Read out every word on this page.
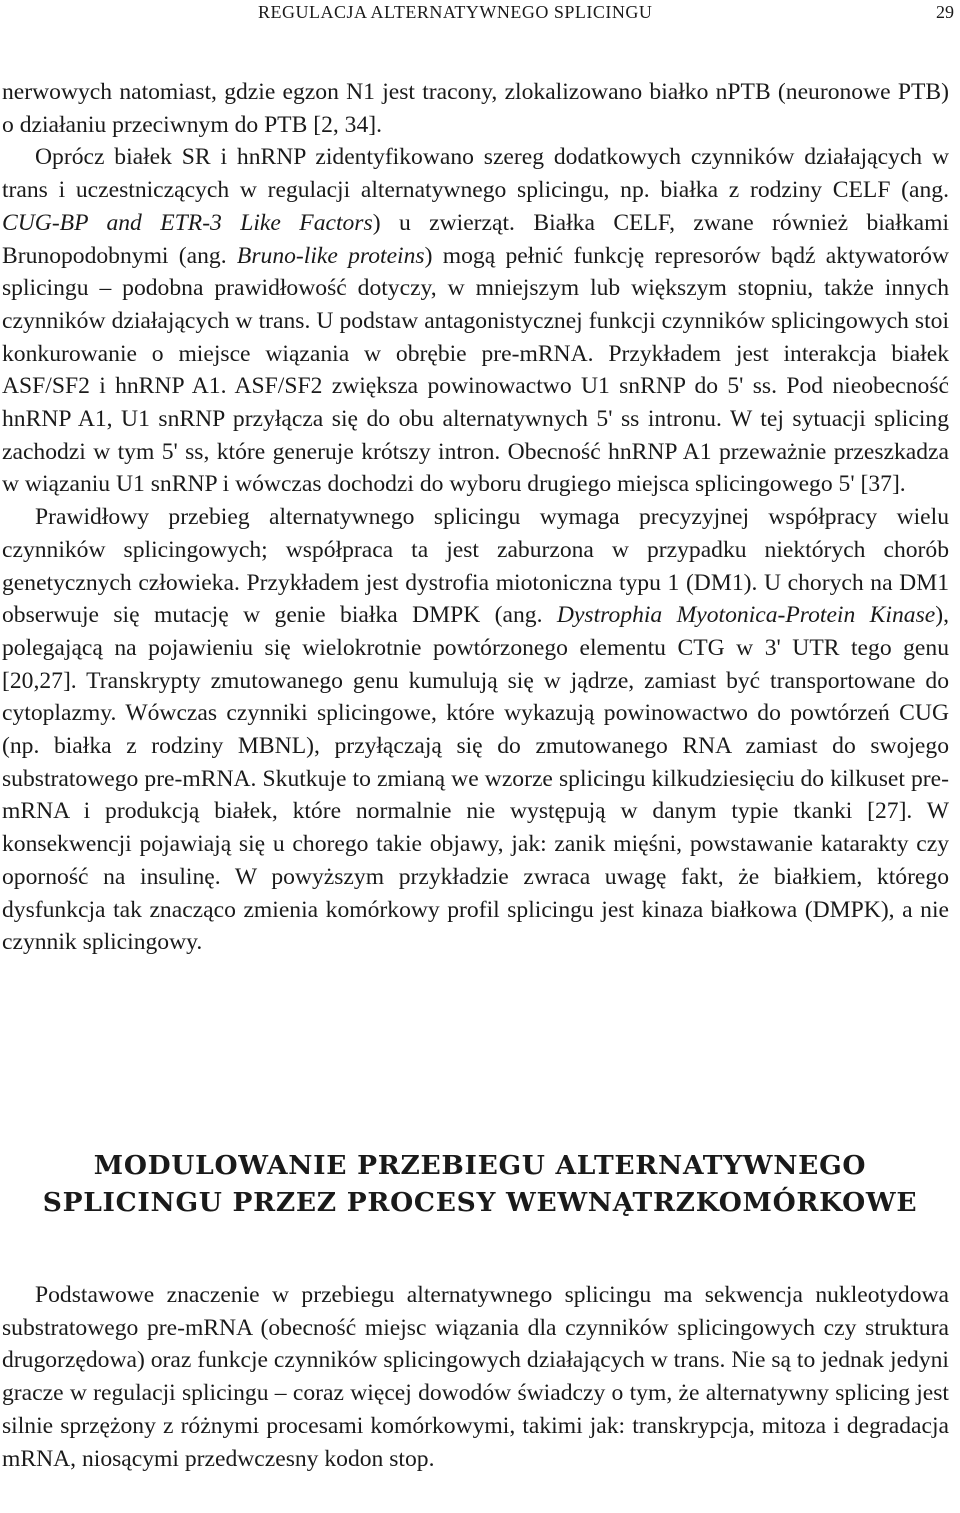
REGULACJA ALTERNATYWNEGO SPLICINGU	29

nerwowych natomiast, gdzie egzon N1 jest tracony, zlokalizowano białko nPTB (neuronowe PTB) o działaniu przeciwnym do PTB [2, 34].

Oprócz białek SR i hnRNP zidentyfikowano szereg dodatkowych czynników działających w trans i uczestniczących w regulacji alternatywnego splicingu, np. białka z rodziny CELF (ang. CUG-BP and ETR-3 Like Factors) u zwierząt. Białka CELF, zwane również białkami Brunopodobnymi (ang. Bruno-like proteins) mogą pełnić funkcję represorów bądź aktywatorów splicingu – podobna prawidłowość dotyczy, w mniejszym lub większym stopniu, także innych czynników działających w trans. U podstaw antagonistycznej funkcji czynników splicingowych stoi konkurowanie o miejsce wiązania w obrębie pre-mRNA. Przykładem jest interakcja białek ASF/SF2 i hnRNP A1. ASF/SF2 zwiększa powinowactwo U1 snRNP do 5' ss. Pod nieobecność hnRNP A1, U1 snRNP przyłącza się do obu alternatywnych 5' ss intronu. W tej sytuacji splicing zachodzi w tym 5' ss, które generuje krótszy intron. Obecność hnRNP A1 przeważnie przeszkadza w wiązaniu U1 snRNP i wówczas dochodzi do wyboru drugiego miejsca splicingowego 5' [37].

Prawidłowy przebieg alternatywnego splicingu wymaga precyzyjnej współpracy wielu czynników splicingowych; współpraca ta jest zaburzona w przypadku niektórych chorób genetycznych człowieka. Przykładem jest dystrofia miotoniczna typu 1 (DM1). U chorych na DM1 obserwuje się mutację w genie białka DMPK (ang. Dystrophia Myotonica-Protein Kinase), polegającą na pojawieniu się wielokrotnie powtórzonego elementu CTG w 3' UTR tego genu [20,27]. Transkrypty zmutowanego genu kumulują się w jądrze, zamiast być transportowane do cytoplazmy. Wówczas czynniki splicingowe, które wykazują powinowactwo do powtórzeń CUG (np. białka z rodziny MBNL), przyłączają się do zmutowanego RNA zamiast do swojego substratowego pre-mRNA. Skutkuje to zmianą we wzorze splicingu kilkudziesięciu do kilkuset pre-mRNA i produkcją białek, które normalnie nie występują w danym typie tkanki [27]. W konsekwencji pojawiają się u chorego takie objawy, jak: zanik mięśni, powstawanie katarakty czy oporność na insulinę. W powyższym przykładzie zwraca uwagę fakt, że białkiem, którego dysfunkcja tak znacząco zmienia komórkowy profil splicingu jest kinaza białkowa (DMPK), a nie czynnik splicingowy.

MODULOWANIE PRZEBIEGU ALTERNATYWNEGO
SPLICINGU PRZEZ PROCESY WEWNĄTRZKOMÓRKOWE

Podstawowe znaczenie w przebiegu alternatywnego splicingu ma sekwencja nukleotydowa substratowego pre-mRNA (obecność miejsc wiązania dla czynników splicingowych czy struktura drugorzędowa) oraz funkcje czynników splicingowych działających w trans. Nie są to jednak jedyni gracze w regulacji splicingu – coraz więcej dowodów świadczy o tym, że alternatywny splicing jest silnie sprzężony z różnymi procesami komórkowymi, takimi jak: transkrypcja, mitoza i degradacja mRNA, niosącymi przedwczesny kodon stop.
